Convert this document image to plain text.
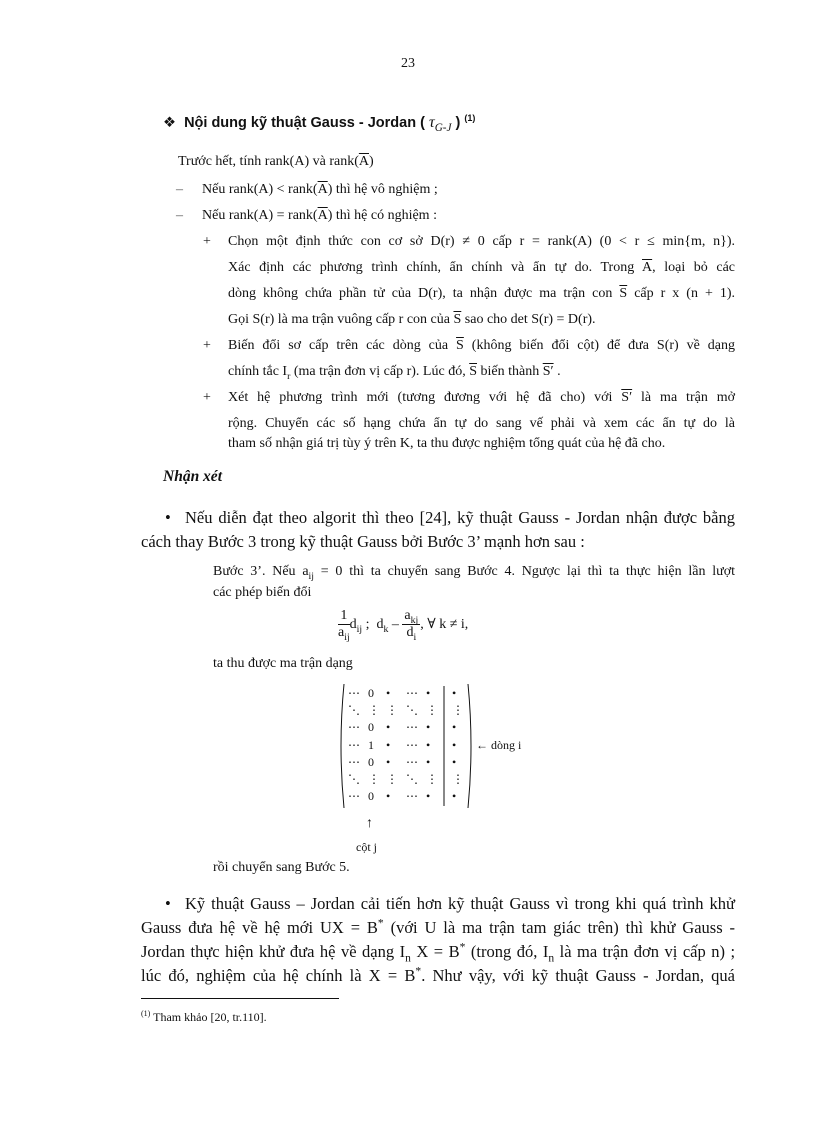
23
❖ Nội dung kỹ thuật Gauss - Jordan ( $\tau_{G-J}$ ) $^{(1)}$
Trước hết, tính rank(A) và $rank(\overline{A})$
– Nếu rank(A) < $rank(\overline{A})$ thì hệ vô nghiệm ;
– Nếu rank(A) = $rank(\overline{A})$ thì hệ có nghiệm :
+ Chọn một định thức con cơ sở D(r) ≠ 0 cấp r = rank(A) (0 < r ≤ min{m, n}).
Xác định các phương trình chính, ẩn chính và ẩn tự do. Trong $\overline{A}$, loại bỏ các
dòng không chứa phần tử của D(r), ta nhận được ma trận con $\overline{S}$ cấp r x (n + 1).
Gọi S(r) là ma trận vuông cấp r con của $\overline{S}$ sao cho det S(r) = D(r).
+ Biến đổi sơ cấp trên các dòng của $\overline{S}$ (không biến đổi cột) để đưa S(r) về dạng
chính tắc $I_r$ (ma trận đơn vị cấp r). Lúc đó, $\overline{S}$ biến thành S′ .
+ Xét hệ phương trình mới (tương đương với hệ đã cho) với S′ là ma trận mở
rộng. Chuyển các số hạng chứa ẩn tự do sang vế phải và xem các ẩn tự do là
tham số nhận giá trị tùy ý trên K, ta thu được nghiệm tổng quát của hệ đã cho.
Nhận xét
• Nếu diễn đạt theo algorit thì theo [24], kỹ thuật Gauss - Jordan nhận được bằng
cách thay Bước 3 trong kỹ thuật Gauss bởi Bước 3’ mạnh hơn sau :
Bước 3’. Nếu $a_{ij} = 0$ thì ta chuyển sang Bước 4. Ngược lại thì ta thực hiện lần lượt
các phép biến đổi
$\frac{1}{a_{ij}} d_{ij}$ ; $d_k - \frac{a_{kj}}{d_i}$ , ∀ k ≠ i,
ta thu được ma trận dạng
⋯ 0 • ⋯ • •
⋱ ⋮ ⋮ ⋱ ⋮ ⋮
⋯ 0 • ⋯ • •
⋯ 1 • ⋯ • •
⋯ 0 • ⋯ • •
⋱ ⋮ ⋮ ⋱ ⋮ ⋮
⋯ 0 • ⋯ • •
← dòng i
↑
cột j
rồi chuyển sang Bước 5.
• Kỹ thuật Gauss – Jordan cải tiến hơn kỹ thuật Gauss vì trong khi quá trình khử
Gauss đưa hệ về hệ mới UX = B* (với U là ma trận tam giác trên) thì khử Gauss -
Jordan thực hiện khử đưa hệ về dạng $I_n$ X = B* (trong đó, $I_n$ là ma trận đơn vị cấp n) ;
lúc đó, nghiệm của hệ chính là X = B*. Như vậy, với kỹ thuật Gauss - Jordan, quá
$^{(1)}$ Tham khảo [20, tr.110].
